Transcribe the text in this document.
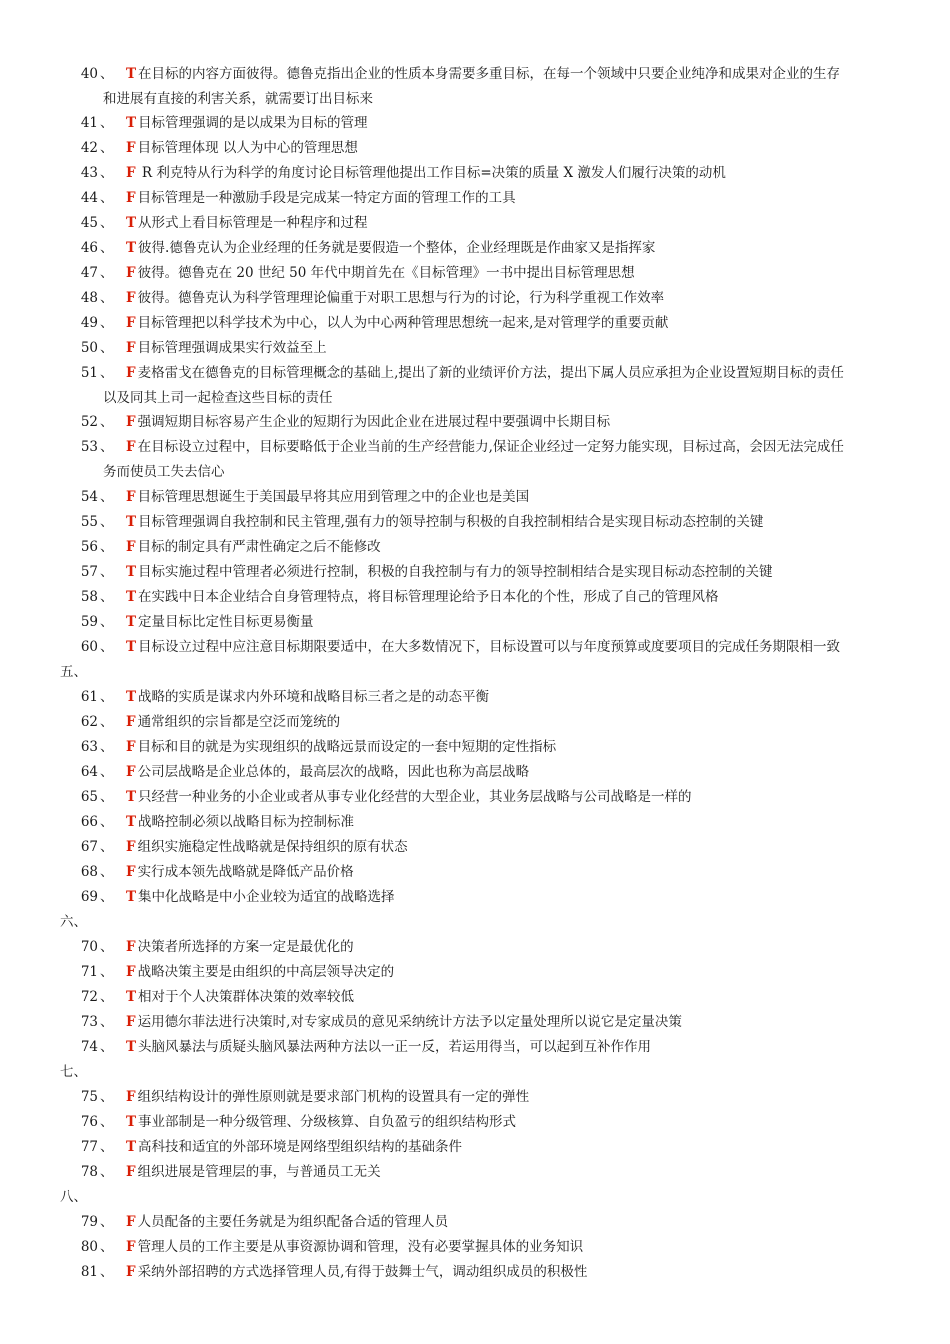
40 、 T 在目标的内容方面彼得。德鲁克指出企业的性质本身需要多重目标，在每一个领域中只要企业纯净和成果对企业的生存
和进展有直接的利害关系，就需要订出目标来
41 、 T 目标管理强调的是以成果为目标的管理
42 、 F 目标管理体现 以人为中心的管理思想
43 、 F R 利克特从行为科学的角度讨论目标管理他提出工作目标=决策的质量 X 激发人们履行决策的动机
44 、 F 目标管理是一种激励手段是完成某一特定方面的管理工作的工具
45 、 T 从形式上看目标管理是一种程序和过程
46 、 T 彼得.德鲁克认为企业经理的任务就是要假造一个整体，企业经理既是作曲家又是指挥家
47 、 F 彼得。德鲁克在 20 世纪 50 年代中期首先在《目标管理》一书中提出目标管理思想
48 、 F 彼得。德鲁克认为科学管理理论偏重于对职工思想与行为的讨论，行为科学重视工作效率
49 、 F 目标管理把以科学技术为中心，以人为中心两种管理思想统一起来,是对管理学的重要贡献
50 、 F 目标管理强调成果实行效益至上
51 、 F 麦格雷戈在德鲁克的目标管理概念的基础上,提出了新的业绩评价方法，提出下属人员应承担为企业设置短期目标的责任
以及同其上司一起检查这些目标的责任
52 、 F 强调短期目标容易产生企业的短期行为因此企业在进展过程中要强调中长期目标
53 、 F 在目标设立过程中，目标要略低于企业当前的生产经营能力,保证企业经过一定努力能实现，目标过高，会因无法完成任
务而使员工失去信心
54 、 F 目标管理思想诞生于美国最早将其应用到管理之中的企业也是美国
55 、 T 目标管理强调自我控制和民主管理,强有力的领导控制与积极的自我控制相结合是实现目标动态控制的关键
56 、 F 目标的制定具有严肃性确定之后不能修改
57 、 T 目标实施过程中管理者必须进行控制，积极的自我控制与有力的领导控制相结合是实现目标动态控制的关键
58 、 T 在实践中日本企业结合自身管理特点，将目标管理理论给予日本化的个性，形成了自己的管理风格
59 、 T 定量目标比定性目标更易衡量
60 、 T 目标设立过程中应注意目标期限要适中，在大多数情况下，目标设置可以与年度预算或度要项目的完成任务期限相一致
五、
61 、 T 战略的实质是谋求内外环境和战略目标三者之是的动态平衡
62 、 F 通常组织的宗旨都是空泛而笼统的
63 、 F 目标和目的就是为实现组织的战略远景而设定的一套中短期的定性指标
64 、 F 公司层战略是企业总体的，最高层次的战略，因此也称为高层战略
65 、 T 只经营一种业务的小企业或者从事专业化经营的大型企业，其业务层战略与公司战略是一样的
66 、 T 战略控制必须以战略目标为控制标准
67 、 F 组织实施稳定性战略就是保持组织的原有状态
68 、 F 实行成本领先战略就是降低产品价格
69 、 T 集中化战略是中小企业较为适宜的战略选择
六、
70 、 F 决策者所选择的方案一定是最优化的
71 、 F 战略决策主要是由组织的中高层领导决定的
72 、 T 相对于个人决策群体决策的效率较低
73 、 F 运用德尔菲法进行决策时,对专家成员的意见采纳统计方法予以定量处理所以说它是定量决策
74 、 T 头脑风暴法与质疑头脑风暴法两种方法以一正一反，若运用得当，可以起到互补作作用
七、
75 、 F 组织结构设计的弹性原则就是要求部门机构的设置具有一定的弹性
76 、 T 事业部制是一种分级管理、分级核算、自负盈亏的组织结构形式
77 、 T 高科技和适宜的外部环境是网络型组织结构的基础条件
78 、 F 组织进展是管理层的事，与普通员工无关
八、
79 、 F 人员配备的主要任务就是为组织配备合适的管理人员
80 、 F 管理人员的工作主要是从事资源协调和管理，没有必要掌握具体的业务知识
81 、 F 采纳外部招聘的方式选择管理人员,有得于鼓舞士气，调动组织成员的积极性
